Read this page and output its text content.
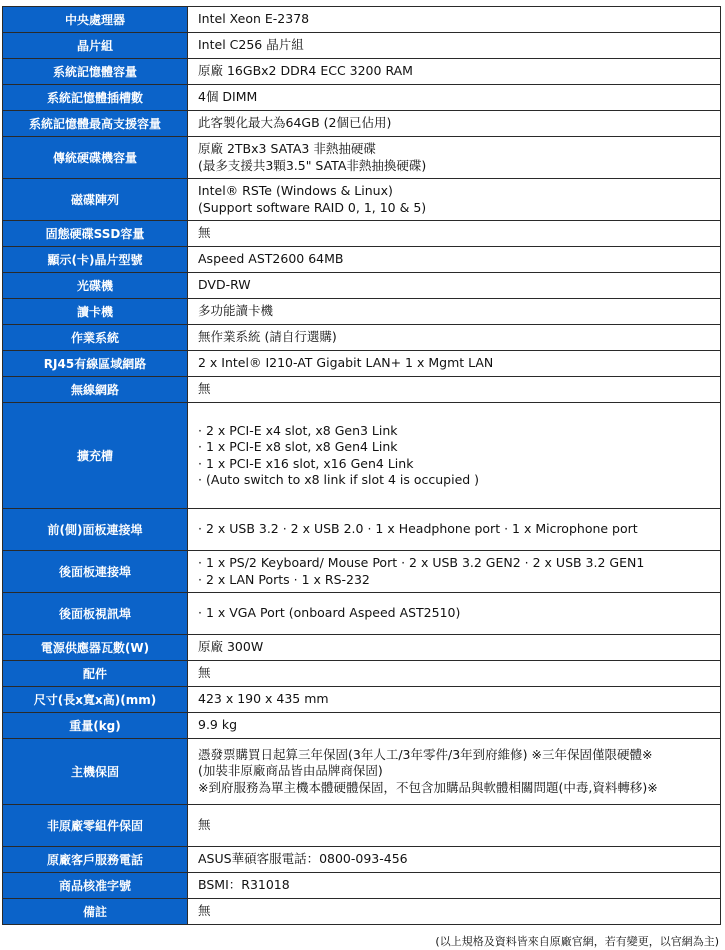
中央處理器	Intel Xeon E-2378

晶片組	Intel C256 晶片組

系統記憶體容量	原廠 16GBx2 DDR4 ECC 3200 RAM

系統記憶體插槽數	4個 DIMM

系統記憶體最高支援容量	此客製化最大為64GB (2個已佔用)

傳統硬碟機容量	原廠 2TBx3 SATA3 非熱抽硬碟
(最多支援共3顆3.5" SATA非熱抽換硬碟)

磁碟陣列	Intel® RSTe (Windows & Linux)
(Support software RAID 0, 1, 10 & 5)

固態硬碟SSD容量	無

顯示(卡)晶片型號	Aspeed AST2600 64MB

光碟機	DVD-RW

讀卡機	多功能讀卡機

作業系統	無作業系統 (請自行選購)

RJ45有線區域網路	2 x Intel® I210-AT Gigabit LAN+ 1 x Mgmt LAN

無線網路	無

擴充槽	· 2 x PCI-E x4 slot, x8 Gen3 Link
· 1 x PCI-E x8 slot, x8 Gen4 Link
· 1 x PCI-E x16 slot, x16 Gen4 Link
· (Auto switch to x8 link if slot 4 is occupied )

前(側)面板連接埠	· 2 x USB 3.2 · 2 x USB 2.0 · 1 x Headphone port · 1 x Microphone port

後面板連接埠	· 1 x PS/2 Keyboard/ Mouse Port · 2 x USB 3.2 GEN2 · 2 x USB 3.2 GEN1
· 2 x LAN Ports · 1 x RS-232

後面板視訊埠	· 1 x VGA Port (onboard Aspeed AST2510)

電源供應器瓦數(W)	原廠 300W

配件	無

尺寸(長x寬x高)(mm)	423 x 190 x 435 mm

重量(kg)	9.9 kg

主機保固	憑發票購買日起算三年保固(3年人工/3年零件/3年到府維修) ※三年保固僅限硬體※
(加裝非原廠商品皆由品牌商保固)
※到府服務為單主機本體硬體保固，不包含加購品與軟體相關問題(中毒,資料轉移)※

非原廠零組件保固	無

原廠客戶服務電話	ASUS華碩客服電話：0800-093-456

商品核准字號	BSMI：R31018

備註	無
(以上規格及資料皆來自原廠官網，若有變更，以官網為主)
